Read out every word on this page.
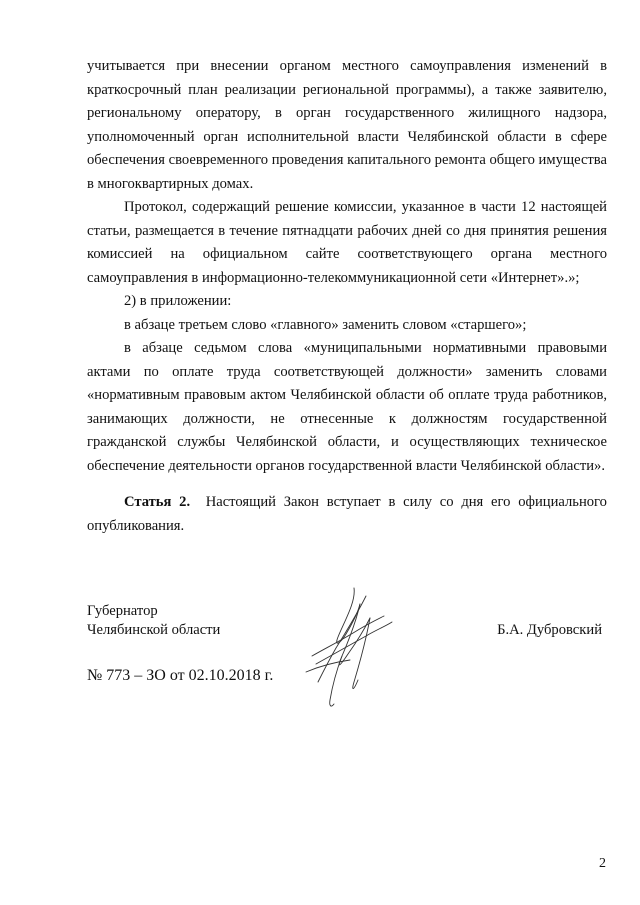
учитывается при внесении органом местного самоуправления изменений в краткосрочный план реализации региональной программы), а также заявителю, региональному оператору, в орган государственного жилищного надзора, уполномоченный орган исполнительной власти Челябинской области в сфере обеспечения своевременного проведения капитального ремонта общего имущества в многоквартирных домах.

Протокол, содержащий решение комиссии, указанное в части 12 настоящей статьи, размещается в течение пятнадцати рабочих дней со дня принятия решения комиссией на официальном сайте соответствующего органа местного самоуправления в информационно-телекоммуникационной сети «Интернет».»;

2) в приложении:

в абзаце третьем слово «главного» заменить словом «старшего»;

в абзаце седьмом слова «муниципальными нормативными правовыми актами по оплате труда соответствующей должности» заменить словами «нормативным правовым актом Челябинской области об оплате труда работников, занимающих должности, не отнесенные к должностям государственной гражданской службы Челябинской области, и осуществляющих техническое обеспечение деятельности органов государственной власти Челябинской области».

Статья 2. Настоящий Закон вступает в силу со дня его официального опубликования.

Губернатор
Челябинской области	Б.А. Дубровский
№ 773 – ЗО от 02.10.2018 г.
2
